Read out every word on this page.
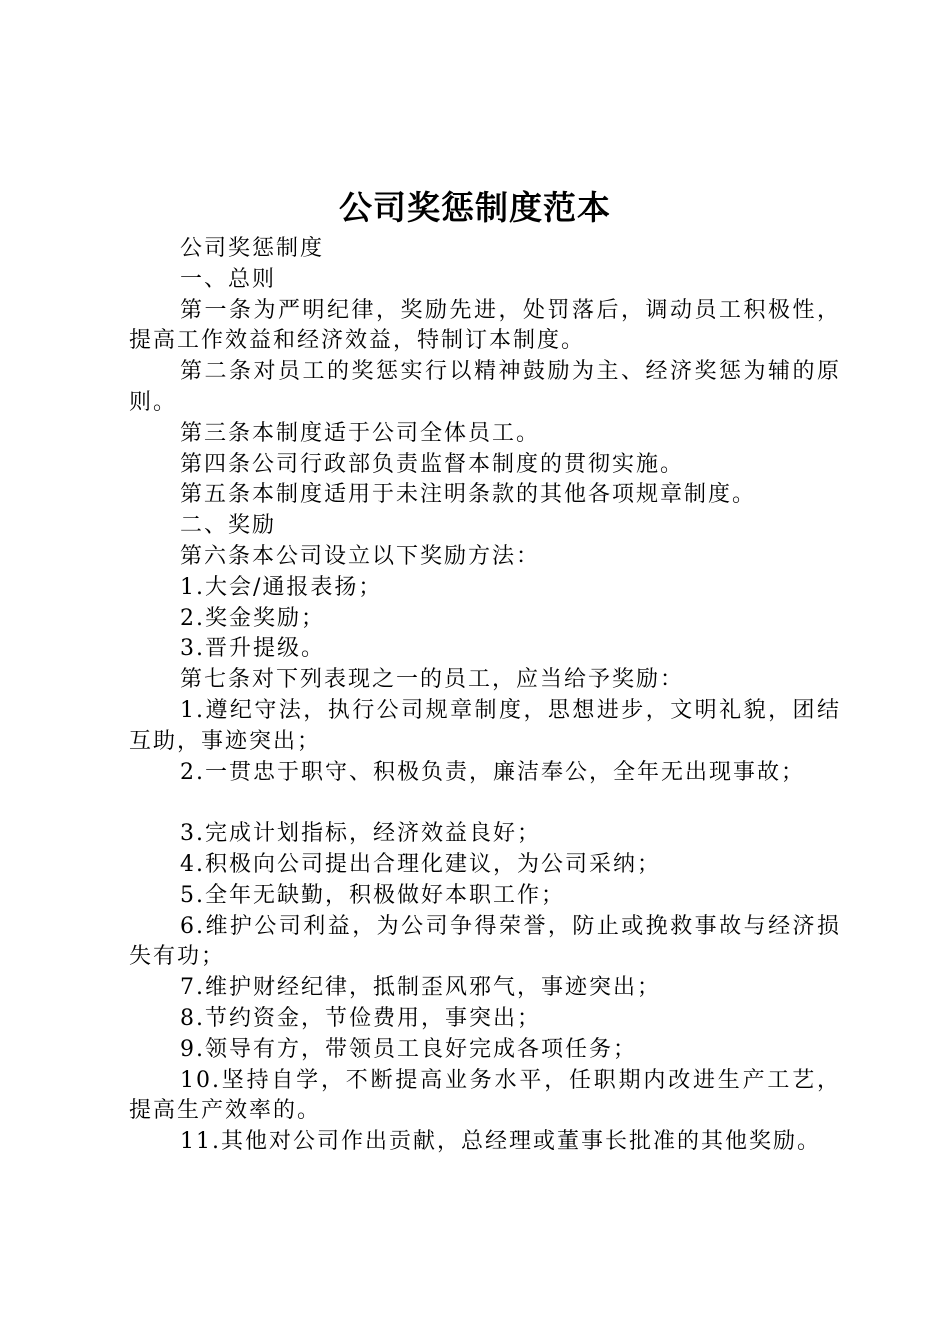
公司奖惩制度范本

公司奖惩制度

一、总则

第一条为严明纪律，奖励先进，处罚落后，调动员工积极性，提高工作效益和经济效益，特制订本制度。

第二条对员工的奖惩实行以精神鼓励为主、经济奖惩为辅的原则。

第三条本制度适于公司全体员工。

第四条公司行政部负责监督本制度的贯彻实施。

第五条本制度适用于未注明条款的其他各项规章制度。

二、奖励

第六条本公司设立以下奖励方法：

1.大会/通报表扬；

2.奖金奖励；

3.晋升提级。

第七条对下列表现之一的员工，应当给予奖励：

1.遵纪守法，执行公司规章制度，思想进步，文明礼貌，团结互助，事迹突出；

2.一贯忠于职守、积极负责，廉洁奉公，全年无出现事故；

3.完成计划指标，经济效益良好；

4.积极向公司提出合理化建议，为公司采纳；

5.全年无缺勤，积极做好本职工作；

6.维护公司利益，为公司争得荣誉，防止或挽救事故与经济损失有功；

7.维护财经纪律，抵制歪风邪气，事迹突出；

8.节约资金，节俭费用，事突出；

9.领导有方，带领员工良好完成各项任务；

10.坚持自学，不断提高业务水平，任职期内改进生产工艺，提高生产效率的。

11.其他对公司作出贡献，总经理或董事长批准的其他奖励。
